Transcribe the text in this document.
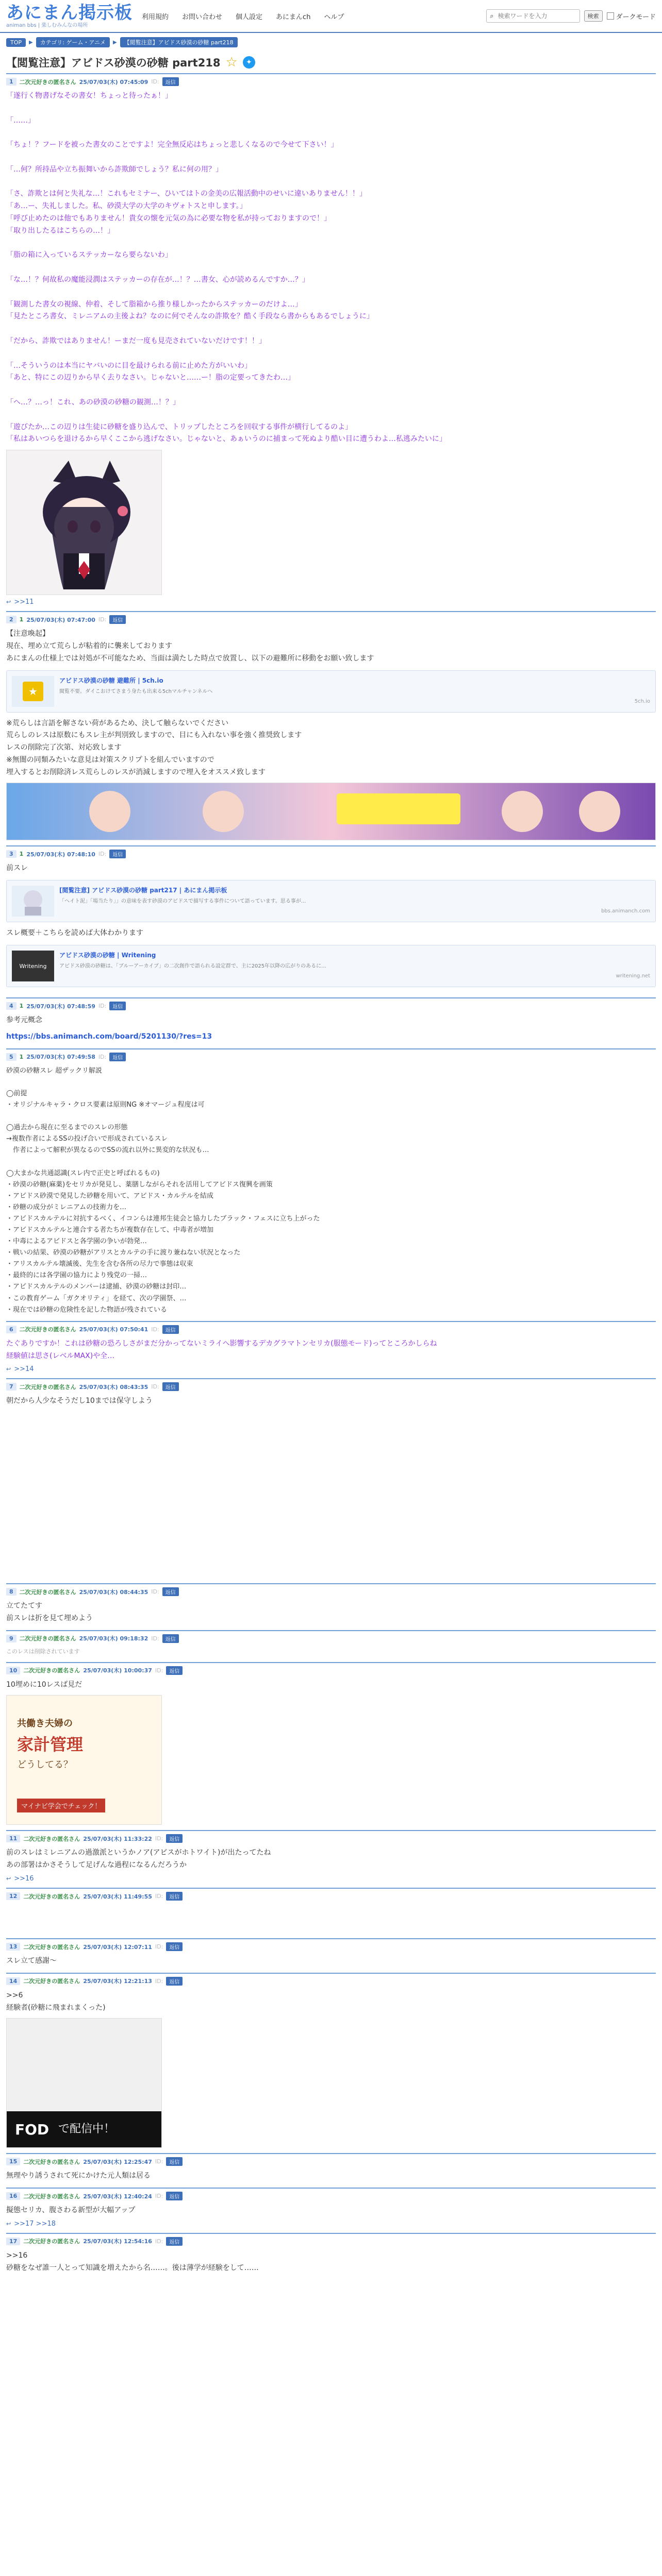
あにまん掲示板
animan bbs | 楽しむみんなの場所
利用規約 お問い合わせ 個人設定 あにまんch ヘルプ	⌕
検索ワードを入力	検索	ダークモード
TOP	▶	カテゴリ: ゲーム・アニメ	▶	【閲覧注意】アビドス砂漠の砂糖 part218
【閲覧注意】アビドス砂漠の砂糖 part218 ☆	✦
1	二次元好きの匿名さん 25/07/03(木) 07:45:09 ID:	返信
「遂行く物書げなその書女！ちょっと待ったぁ！」

「……」

「ちょ！？フードを被った書女のことですよ！完全無反応はちょっと悲しくなるので今せて下さい！」

「…何？所持品や立ち振舞いから詐欺師でしょう？私に何の用？」

「さ、詐欺とは何と失礼な…！これもセミナー、ひいてはトの金美の広報活動中のせいに違いありません！！」
「あ…ー、失礼しました。私、砂漠大学の大学のキヴォトスと申します。」
「呼び止めたのは他でもありません！貴女の懐を元気の為に必要な物を私が持っておりますので！」
「取り出したるはこちらの…！」

「脂の箱に入っているステッカーなら要らないわ」

「な…！？何故私の魔能浸潤はステッカーの存在が…！？…書女、心が読めるんですか…？」

「観測した書女の視線、仲着、そして脂箱から推り様しかったからステッカーのだけよ…」
「見たところ書女、ミレニアムの主後よね？なのに何でそんなの詐欺を？酷く手段なら書からもあるでしょうに」

「だから、詐欺ではありません！ーまだ一度も見売されていないだけです！！」

「…そういうのは本当にヤバいのに目を最けられる前に止めた方がいいわ」
「あと、特にこの辺りから早く去りなさい。じゃないと……ー！脂の定要ってきたわ…」

「へ…？…っ！これ、あの砂漠の砂糖の観測…！？」

「遊びたか…この辺りは生徒に砂糖を盛り込んで、トリップしたところを回収する事件が横行してるのよ」
「私はあいつらを退けるから早くここから逃げなさい。じゃないと、あぁいうのに捕まって死ぬより酷い目に遭うわよ…私逃みたいに」
↩ >>11
2	1 25/07/03(木) 07:47:00 ID:	返信
【注意喚起】
現在、埋め立て荒らしが粘着的に襲来しております
あにまんの仕様上では対処が不可能なため、当面は満たした時点で放置し、以下の避難所に移動をお願い致します
★
アビドス砂漠の砂糖 避難所 | 5ch.io
閲覧不要。ダイこおけてさまう身たも出来る5chマルチャンネルへ
5ch.io
※荒らしは言語を解さない荷があるため、決して触らないでください
荒らしのレスは原数にもスレ主が判別致しますので、目にも入れない事を強く推奨致します
レスの削除完了次第、対応致します
※無闇の同類みたいな意見は対策スクリプトを組んでいますので
埋入するとお削除済レス荒らしのレスが消減しますので埋入をオススメ致します
3	1 25/07/03(木) 07:48:10 ID:	返信
前スレ
[閲覧注意] アビドス砂漠の砂糖 part217 | あにまん掲示板
「ヘイト泥」「場当たり」」の意味を表す砂漠のアビドスで描写する事件について語っています。思る事が...
bbs.animanch.com
スレ概要＋こちらを読めば大体わかります
Writening
アビドス砂漠の砂糖 | Writening
アビドス砂漠の砂糖は、「ブルーアーカイブ」の二次創作で語られる設定群で、主に2025年以降の広がりのあるに...
writening.net
4	1 25/07/03(木) 07:48:59 ID:	返信
参考元概念
https://bbs.animanch.com/board/5201130/?res=13
5	1 25/07/03(木) 07:49:58 ID:	返信
砂漠の砂糖スレ 超ザックリ解説

◯前提
・オリジナルキャラ・クロス要素は原則NG ※オマージュ程度は可

◯過去から現在に至るまでのスレの形態
→複数作者によるSSの投げ合いで形成されているスレ
　作者によって解釈が異なるのでSSの流れ以外に異変的な状況も…

◯大まかな共通認識(スレ内で正史と呼ばれるもの)
・砂漠の砂糖(麻薬)をセリカが発見し、薬膳しながらそれを活用してアビドス復興を画策
・アビドス砂漠で発見した砂糖を用いて、アビドス・カルテルを結成
・砂糖の成分がミレニアムの技術力を…
・アビドスカルテルに対抗するべく、イコンらは連邦生徒会と協力したブラック・フェスに立ち上がった
・アビドスカルテルと連合する者たちが複数存在して、中毒者が増加
・中毒によるアビドスと各学園の争いが勃発…
・戦いの結果、砂漠の砂糖がアリスとカルテの手に渡り兼ねない状況となった
・アリスカルテル壊滅後、先生を含む各所の尽力で事態は収束
・最終的には各学園の協力により残党の一掃…
・アビドスカルテルのメンバーは逮捕、砂漠の砂糖は封印…
・この教育ゲーム「ガクオリティ」を経て、次の学園祭、…
・現在では砂糖の危険性を記した物語が残されている
6	二次元好きの匿名さん 25/07/03(木) 07:50:41 ID:	返信
たぐありですか！これは砂糖の恐ろしさがまだ分かってないミライへ影響するデカグラマトンセリカ(服態モード)ってところかしらね
経験値は思さ(レベルMAX)や全…
↩ >>14
7	二次元好きの匿名さん 25/07/03(木) 08:43:35 ID:	返信
朝だから人少なそうだし10までは保守しよう
8	二次元好きの匿名さん 25/07/03(木) 08:44:35 ID:	返信
立てたてす
前スレは折を見て埋めよう
9	二次元好きの匿名さん 25/07/03(木) 09:18:32 ID:	返信
このレスは削除されています
10	二次元好きの匿名さん 25/07/03(木) 10:00:37 ID:	返信
10埋めに10レスば見だ
共働き夫婦の
家計管理
どうしてる？
マイナビ学会でチェック！
11	二次元好きの匿名さん 25/07/03(木) 11:33:22 ID:	返信
前のスレはミレニアムの過激派というかノア(アビスがホトワイト)が出たってたね
あの部署はかさそうして足げんな過程になるんだろうか
↩ >>16
12	二次元好きの匿名さん 25/07/03(木) 11:49:55 ID:	返信
13	二次元好きの匿名さん 25/07/03(木) 12:07:11 ID:	返信
スレ立て感謝〜
14	二次元好きの匿名さん 25/07/03(木) 12:21:13 ID:	返信
>>6
経験者(砂糖に飛まれまくった)
FOD で配信中！
15	二次元好きの匿名さん 25/07/03(木) 12:25:47 ID:	返信
無理やり誘うされて死にかけた元人類は居る
16	二次元好きの匿名さん 25/07/03(木) 12:40:24 ID:	返信
擬態セリカ、腹さわる新型が大幅アップ
↩ >>17 >>18
17	二次元好きの匿名さん 25/07/03(木) 12:54:16 ID:	返信
>>16
砂糖をなぜ誰一人とって知識を増えたから名……。後は薄学が経験をして……
